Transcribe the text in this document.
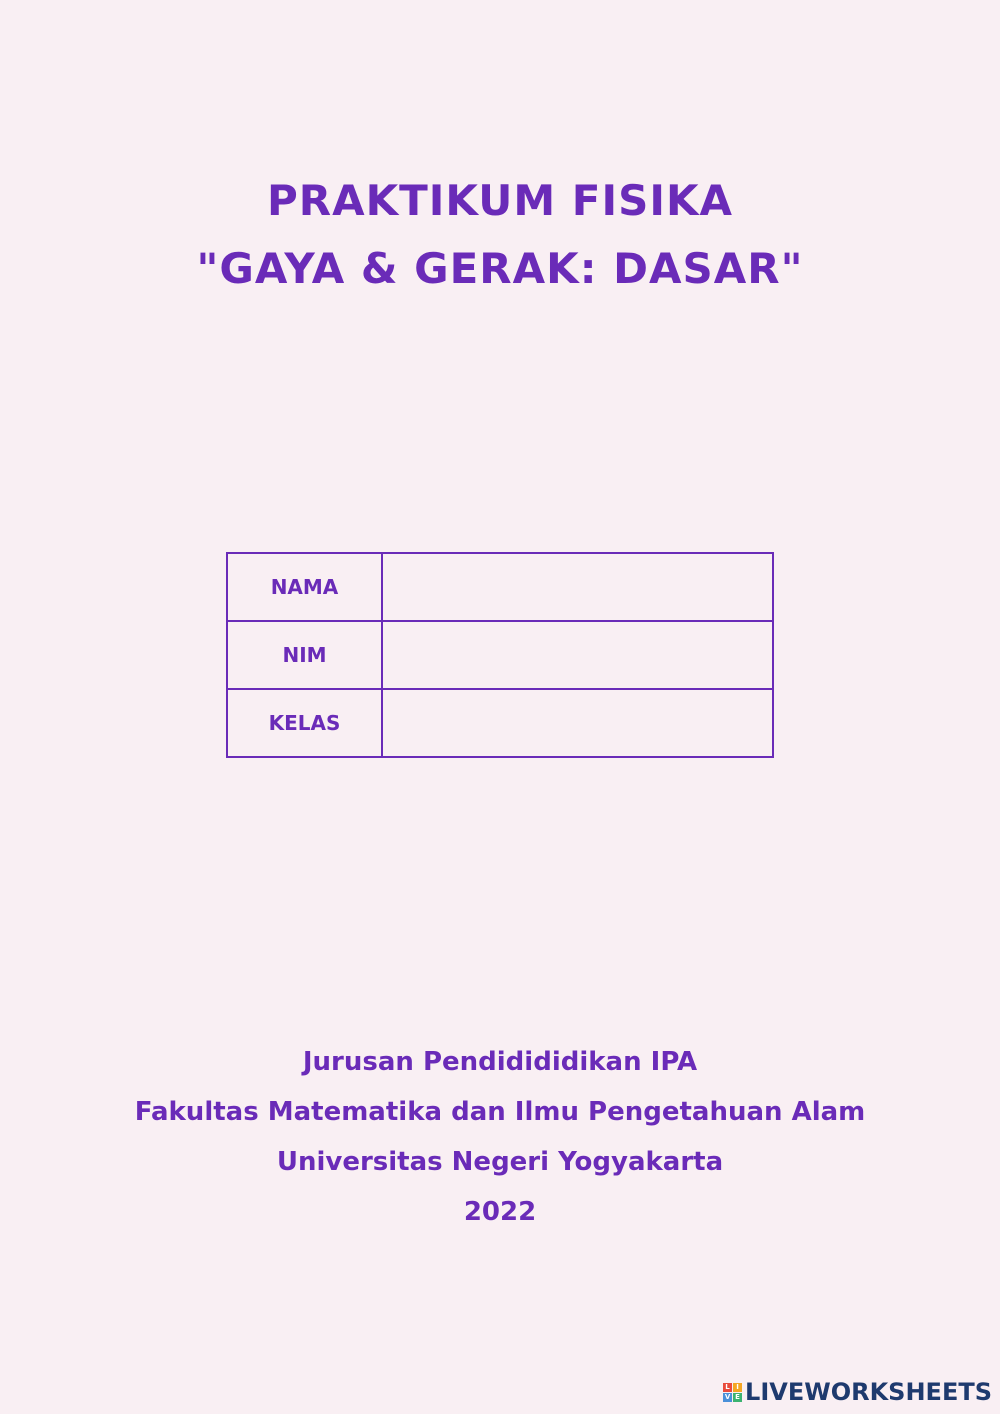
PRAKTIKUM FISIKA
"GAYA & GERAK: DASAR"
NAMA	
NIM	
KELAS	

Jurusan Pendidididikan IPA

Fakultas Matematika dan Ilmu Pengetahuan Alam

Universitas Negeri Yogyakarta

2022

L I
V E LIVEWORKSHEETS
